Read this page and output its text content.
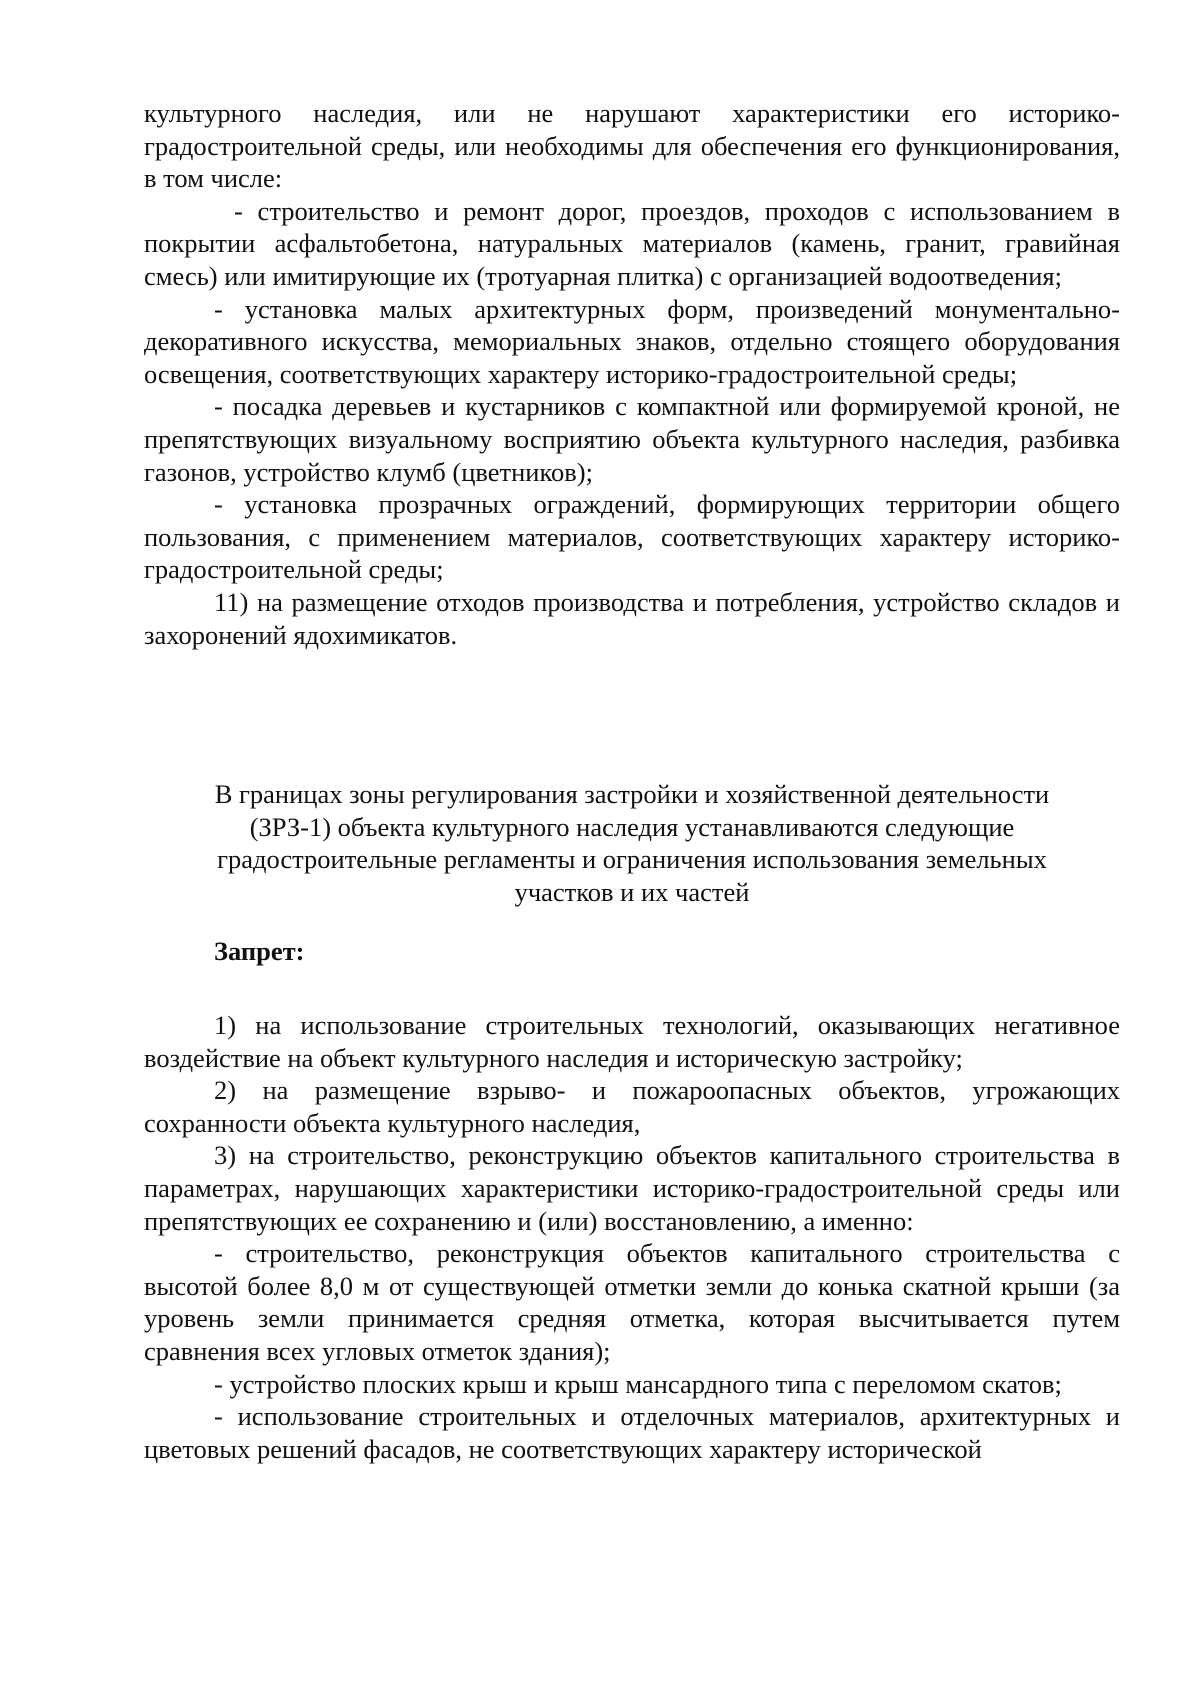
культурного наследия, или не нарушают характеристики его историко-градостроительной среды, или необходимы для обеспечения его функционирования, в том числе:

- строительство и ремонт дорог, проездов, проходов с использованием в покрытии асфальтобетона, натуральных материалов (камень, гранит, гравийная смесь) или имитирующие их (тротуарная плитка) с организацией водоотведения;

- установка малых архитектурных форм, произведений монументально-декоративного искусства, мемориальных знаков, отдельно стоящего оборудования освещения, соответствующих характеру историко-градостроительной среды;

- посадка деревьев и кустарников с компактной или формируемой кроной, не препятствующих визуальному восприятию объекта культурного наследия, разбивка газонов, устройство клумб (цветников);

- установка прозрачных ограждений, формирующих территории общего пользования, с применением материалов, соответствующих характеру историко-градостроительной среды;

11) на размещение отходов производства и потребления, устройство складов и захоронений ядохимикатов.

В границах зоны регулирования застройки и хозяйственной деятельности
(ЗРЗ-1) объекта культурного наследия устанавливаются следующие
градостроительные регламенты и ограничения использования земельных
участков и их частей
Запрет:

1) на использование строительных технологий, оказывающих негативное воздействие на объект культурного наследия и историческую застройку;

2) на размещение взрыво- и пожароопасных объектов, угрожающих сохранности объекта культурного наследия,

3) на строительство, реконструкцию объектов капитального строительства в параметрах, нарушающих характеристики историко-градостроительной среды или препятствующих ее сохранению и (или) восстановлению, а именно:

- строительство, реконструкция объектов капитального строительства с высотой более 8,0 м от существующей отметки земли до конька скатной крыши (за уровень земли принимается средняя отметка, которая высчитывается путем сравнения всех угловых отметок здания);

- устройство плоских крыш и крыш мансардного типа с переломом скатов;

- использование строительных и отделочных материалов, архитектурных и цветовых решений фасадов, не соответствующих характеру исторической
